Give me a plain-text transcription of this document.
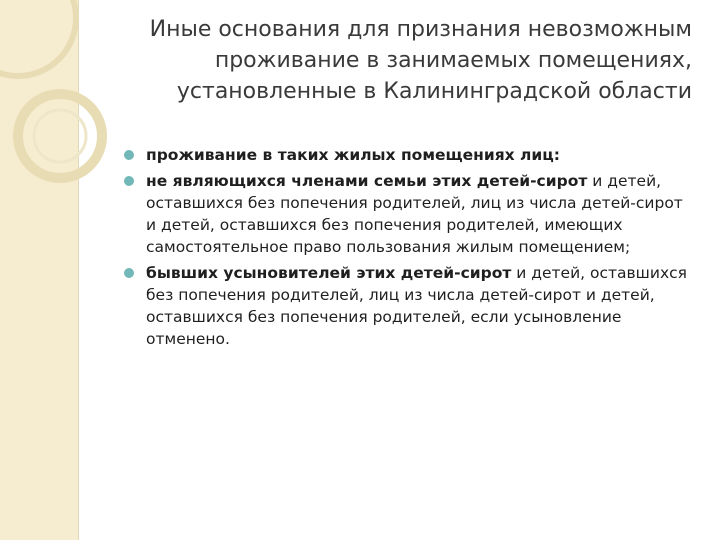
Иные основания для признания невозможным проживание в занимаемых помещениях, установленные в Калининградской области
проживание в таких жилых помещениях лиц:
не являющихся членами семьи этих детей-сирот и детей, оставшихся без попечения родителей, лиц из числа детей-сирот и детей, оставшихся без попечения родителей, имеющих самостоятельное право пользования жилым помещением;
бывших усыновителей этих детей-сирот и детей, оставшихся без попечения родителей, лиц из числа детей-сирот и детей, оставшихся без попечения родителей, если усыновление отменено.
